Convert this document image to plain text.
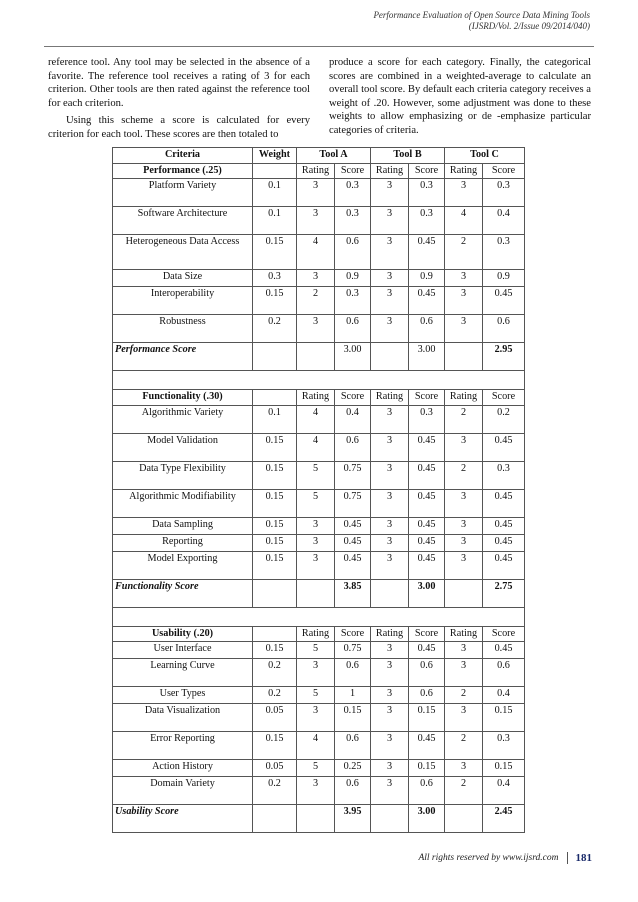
Performance Evaluation of Open Source Data Mining Tools
(IJSRD/Vol. 2/Issue 09/2014/040)

reference tool. Any tool may be selected in the absence of a favorite. The reference tool receives a rating of 3 for each criterion. Other tools are then rated against the reference tool for each criterion.

Using this scheme a score is calculated for every criterion for each tool. These scores are then totaled to

produce a score for each category. Finally, the categorical scores are combined in a weighted-average to calculate an overall tool score. By default each criteria category receives a weight of .20. However, some adjustment was done to these weights to allow emphasizing or de -emphasize particular categories of criteria.

Criteria	Weight	Tool A		Tool B		Tool C	
Performance (.25)		Rating	Score	Rating	Score	Rating	Score
Platform Variety	0.1	3	0.3	3	0.3	3	0.3
Software Architecture	0.1	3	0.3	3	0.3	4	0.4
Heterogeneous Data Access	0.15	4	0.6	3	0.45	2	0.3
Data Size	0.3	3	0.9	3	0.9	3	0.9
Interoperability	0.15	2	0.3	3	0.45	3	0.45
Robustness	0.2	3	0.6	3	0.6	3	0.6
Performance Score			3.00		3.00		2.95

Functionality (.30)		Rating	Score	Rating	Score	Rating	Score
Algorithmic Variety	0.1	4	0.4	3	0.3	2	0.2
Model Validation	0.15	4	0.6	3	0.45	3	0.45
Data Type Flexibility	0.15	5	0.75	3	0.45	2	0.3
Algorithmic Modifiability	0.15	5	0.75	3	0.45	3	0.45
Data Sampling	0.15	3	0.45	3	0.45	3	0.45
Reporting	0.15	3	0.45	3	0.45	3	0.45
Model Exporting	0.15	3	0.45	3	0.45	3	0.45
Functionality Score			3.85		3.00		2.75

Usability (.20)		Rating	Score	Rating	Score	Rating	Score
User Interface	0.15	5	0.75	3	0.45	3	0.45
Learning Curve	0.2	3	0.6	3	0.6	3	0.6
User Types	0.2	5	1	3	0.6	2	0.4
Data Visualization	0.05	3	0.15	3	0.15	3	0.15
Error Reporting	0.15	4	0.6	3	0.45	2	0.3
Action History	0.05	5	0.25	3	0.15	3	0.15
Domain Variety	0.2	3	0.6	3	0.6	2	0.4
Usability Score			3.95		3.00		2.45
All rights reserved by www.ijsrd.com	181
